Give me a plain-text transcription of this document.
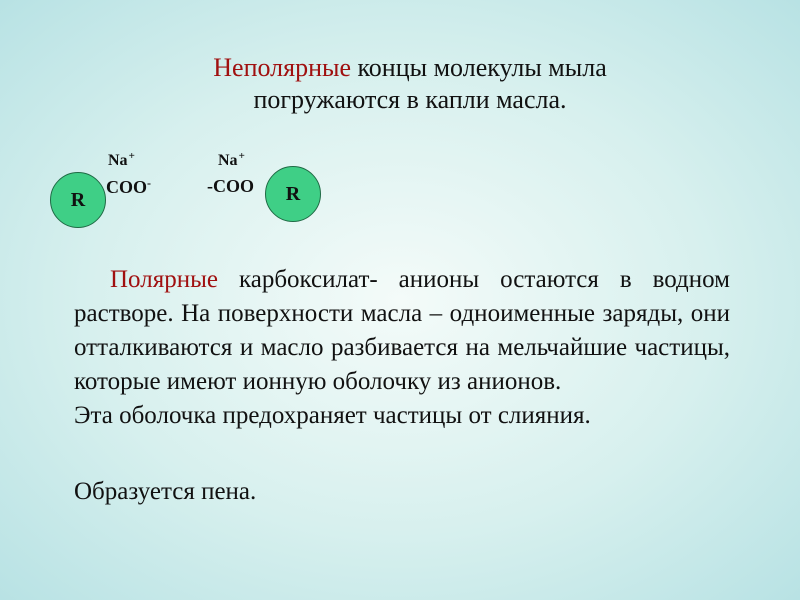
Неполярные концы молекулы мыла
погружаются в капли масла.
Na+
R
COO-
Na+
-COO R

Полярные карбоксилат- анионы остаются в водном растворе. На поверхности масла – одноименные заряды, они отталкиваются и масло разбивается на мельчайшие частицы, которые имеют ионную оболочку из анионов.

Эта оболочка предохраняет частицы от слияния.

Образуется пена.
